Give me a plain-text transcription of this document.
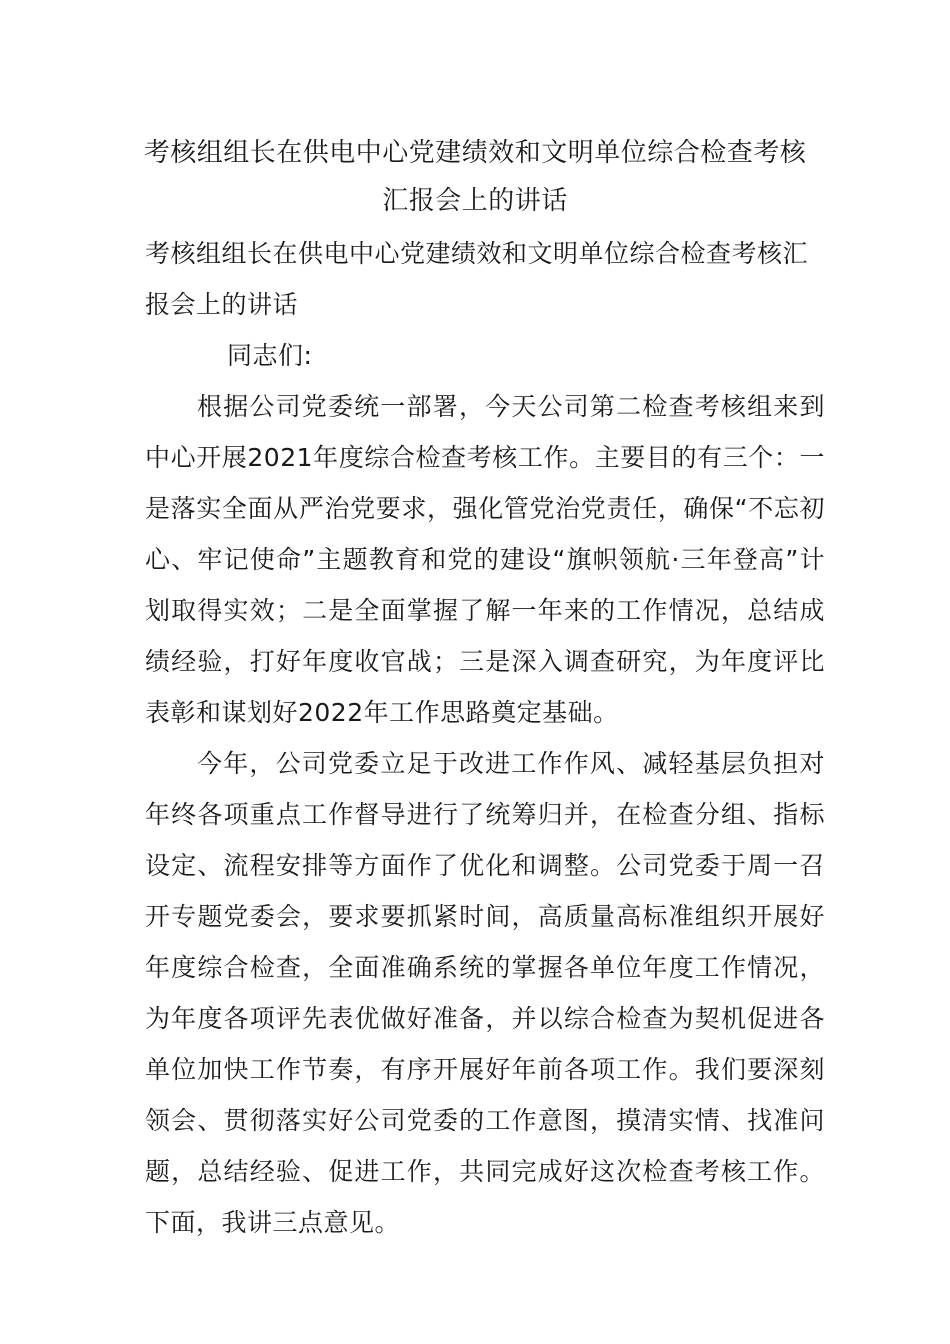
考核组组长在供电中心党建绩效和文明单位综合检查考核
汇报会上的讲话
考核组组长在供电中心党建绩效和文明单位综合检查考核汇报会上的讲话
同志们:
根据公司党委统一部署，今天公司第二检查考核组来到中心开展2021年度综合检查考核工作。主要目的有三个：一是落实全面从严治党要求，强化管党治党责任，确保“不忘初心、牢记使命”主题教育和党的建设“旗帜领航·三年登高”计划取得实效；二是全面掌握了解一年来的工作情况，总结成绩经验，打好年度收官战；三是深入调查研究，为年度评比表彰和谋划好2022年工作思路奠定基础。
今年，公司党委立足于改进工作作风、减轻基层负担对年终各项重点工作督导进行了统筹归并，在检查分组、指标设定、流程安排等方面作了优化和调整。公司党委于周一召开专题党委会，要求要抓紧时间，高质量高标准组织开展好年度综合检查，全面准确系统的掌握各单位年度工作情况，为年度各项评先表优做好准备，并以综合检查为契机促进各单位加快工作节奏，有序开展好年前各项工作。我们要深刻领会、贯彻落实好公司党委的工作意图，摸清实情、找准问题，总结经验、促进工作，共同完成好这次检查考核工作。下面，我讲三点意见。
